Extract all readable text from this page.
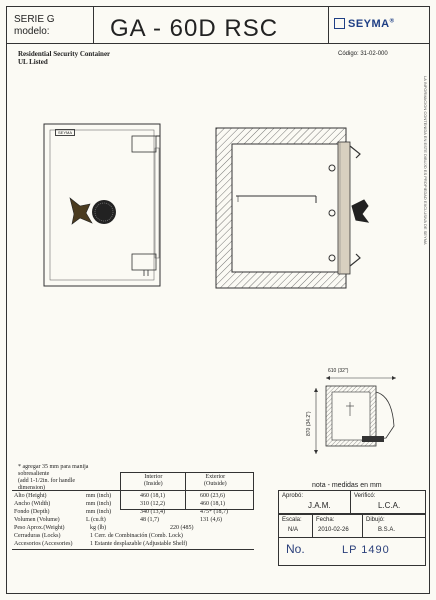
SERIE G
modelo:	GA - 60D RSC	SEYMA®
Residential Security Container
UL Listed
Código: 31-02-000
SEYMA
610 (32")
870 (34.2")
* agregar 35 mm para manija
sobresaliente
(add 1-1/2in. for handle
dimension)	nota - medidas en mm
Interior
(Inside)
Exterior
(Outside)
Alto (Height)	mm (inch)	460 (18,1)	600 (23,6)
Ancho (Width)	mm (inch)	310 (12,2)	460 (18,1)
Fondo (Depth)	mm (inch)	340 (13,4)	475* (18,7)
Volumen (Volume)	L (cu.ft)	48 (1,7)	131 (4,6)
Peso Aprox.(Weight)	kg (lb)	220 (485)
Cerraduras (Locks)	1 Cerr. de Combinación (Comb. Lock)
Accesorios (Accesories)	1 Estante desplazable (Adjustable Shelf)
Aprobó:
J.A.M.
Verificó:
L.C.A.
Escala:
N/A
Fecha:
2010-02-26
Dibujó:
B.S.A.
No.	LP 1490
LA INFORMACION CONTENIDA EN ESTE DIBUJO ES PROPIEDAD EXCLUSIVA DE SEYMA
